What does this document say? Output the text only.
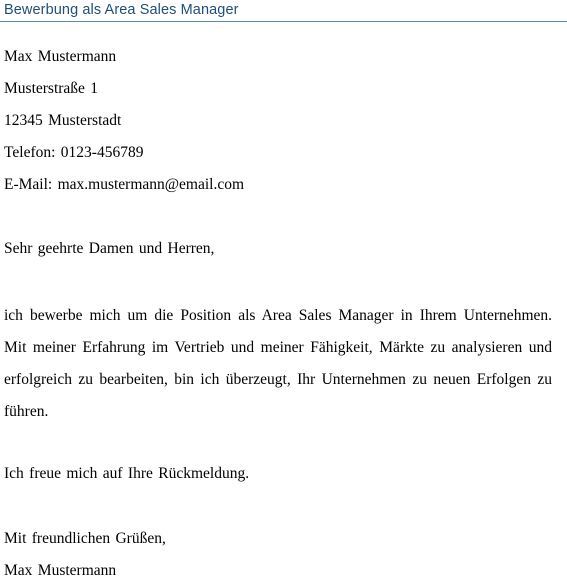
Bewerbung als Area Sales Manager
Max Mustermann
Musterstraße 1
12345 Musterstadt
Telefon: 0123-456789
E-Mail: max.mustermann@email.com
Sehr geehrte Damen und Herren,
ich bewerbe mich um die Position als Area Sales Manager in Ihrem Unternehmen. Mit meiner Erfahrung im Vertrieb und meiner Fähigkeit, Märkte zu analysieren und erfolgreich zu bearbeiten, bin ich überzeugt, Ihr Unternehmen zu neuen Erfolgen zu führen.
Ich freue mich auf Ihre Rückmeldung.
Mit freundlichen Grüßen,
Max Mustermann
